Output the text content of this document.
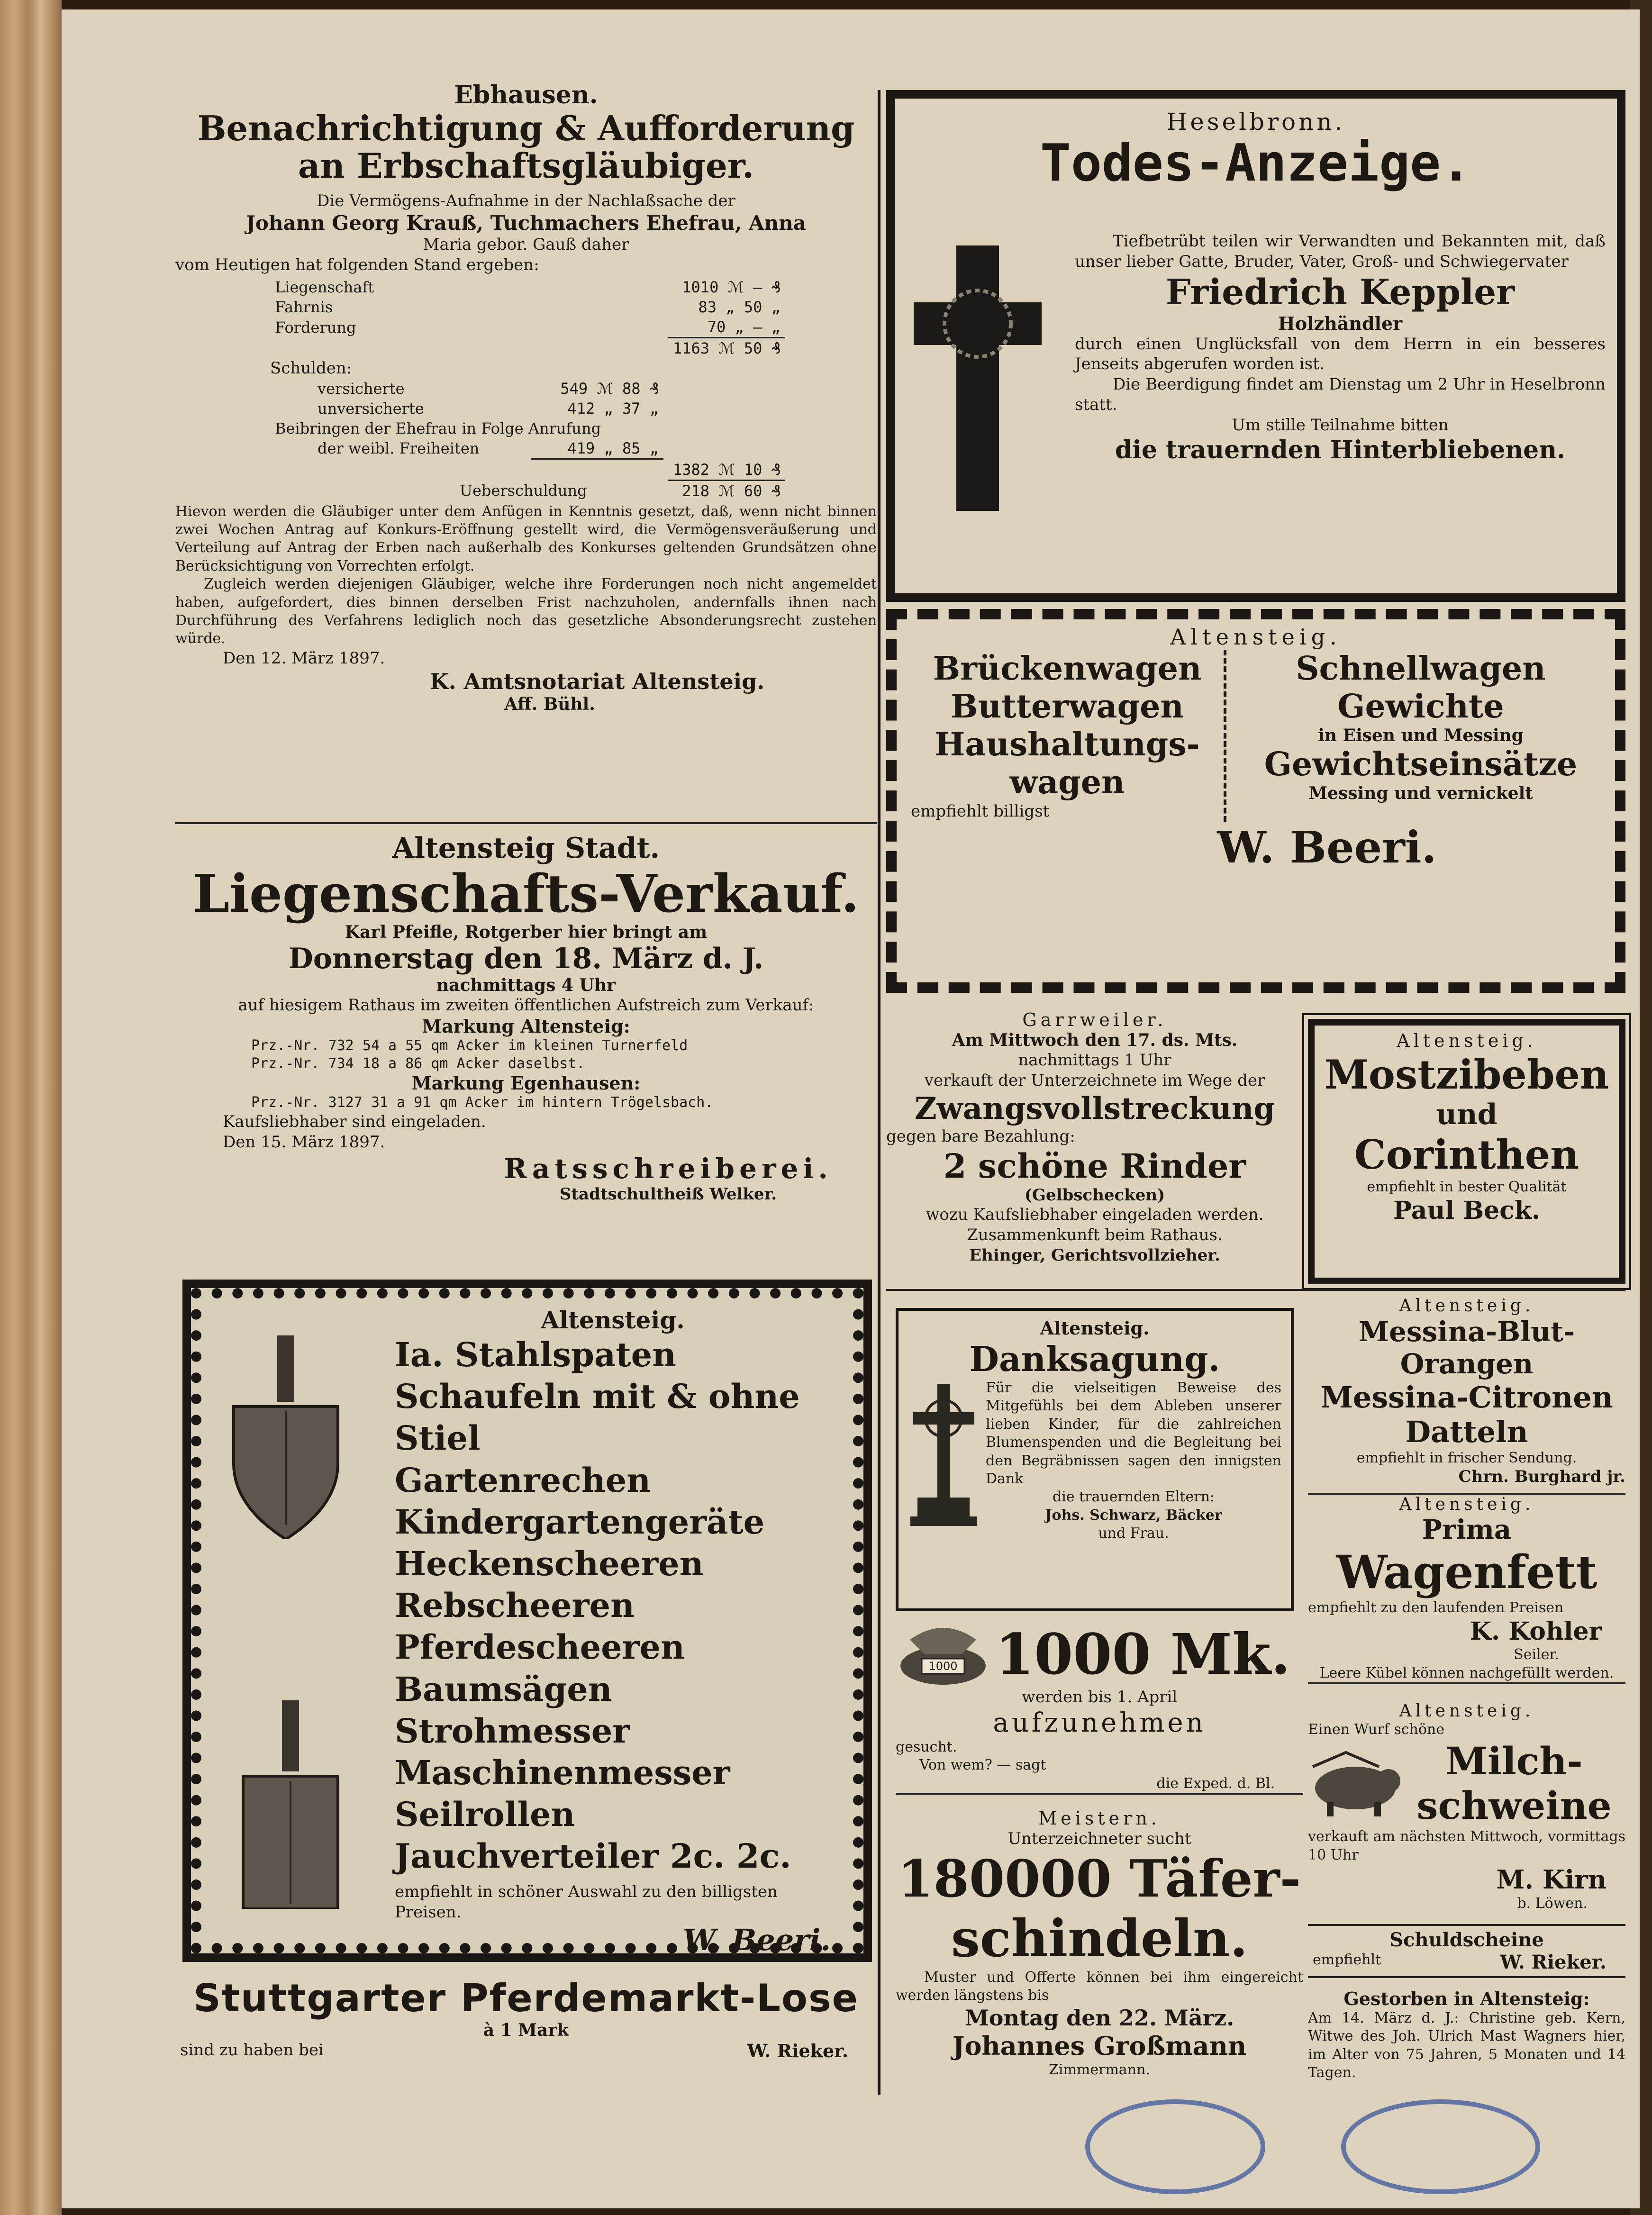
Ebhausen.
Benachrichtigung & Aufforderung
an Erbschaftsgläubiger.
Die Vermögens-Aufnahme in der Nachlaßsache der
Johann Georg Krauß, Tuchmachers Ehefrau, Anna
Maria gebor. Gauß daher
vom Heutigen hat folgenden Stand ergeben:
Liegenschaft	1010 ℳ — ₰
Fahrnis	83 „ 50 „
Forderung	70 „ — „
	1163 ℳ 50 ₰
Schulden:
versicherte	549 ℳ 88 ₰
unversicherte	412 „ 37 „
Beibringen der Ehefrau in Folge Anrufung	
der weibl. Freiheiten	419 „ 85 „
	1382 ℳ 10 ₰
Ueberschuldung	218 ℳ 60 ₰

Hievon werden die Gläubiger unter dem Anfügen in Kenntnis gesetzt, daß, wenn nicht binnen zwei Wochen Antrag auf Konkurs-Eröffnung gestellt wird, die Vermögensveräußerung und Verteilung auf Antrag der Erben nach außerhalb des Konkurses geltenden Grundsätzen ohne Berücksichtigung von Vorrechten erfolgt.

Zugleich werden diejenigen Gläubiger, welche ihre Forderungen noch nicht angemeldet haben, aufgefordert, dies binnen derselben Frist nachzuholen, andernfalls ihnen nach Durchführung des Verfahrens lediglich noch das gesetzliche Absonderungsrecht zustehen würde.

Den 12. März 1897.
K. Amtsnotariat Altensteig.
Aff. Bühl.
Altensteig Stadt.
Liegenschafts-Verkauf.
Karl Pfeifle, Rotgerber hier bringt am
Donnerstag den 18. März d. J.
nachmittags 4 Uhr
auf hiesigem Rathaus im zweiten öffentlichen Aufstreich zum Verkauf:
Markung Altensteig:
Prz.-Nr. 732 54 a 55 qm Acker im kleinen Turnerfeld
Prz.-Nr. 734 18 a 86 qm Acker daselbst.
Markung Egenhausen:
Prz.-Nr. 3127 31 a 91 qm Acker im hintern Trögelsbach.
Kaufsliebhaber sind eingeladen.
Den 15. März 1897.
Ratsschreiberei.
Stadtschultheiß Welker.
Altensteig.
Ia. Stahlspaten
Schaufeln mit & ohne Stiel
Gartenrechen
Kindergartengeräte
Heckenscheeren
Rebscheeren
Pferdescheeren
Baumsägen
Strohmesser
Maschinenmesser
Seilrollen
Jauchverteiler 2c. 2c.
empfiehlt in schöner Auswahl zu den billigsten Preisen.
W. Beeri.
Stuttgarter Pferdemarkt-Lose
à 1 Mark
sind zu haben bei	W. Rieker.
Heselbronn.
Todes-Anzeige.

Tiefbetrübt teilen wir Verwandten und Bekannten mit, daß unser lieber Gatte, Bruder, Vater, Groß- und Schwiegervater

Friedrich Keppler
Holzhändler

durch einen Unglücksfall von dem Herrn in ein besseres Jenseits abgerufen worden ist.

Die Beerdigung findet am Dienstag um 2 Uhr in Heselbronn statt.

Um stille Teilnahme bitten
die trauernden Hinterbliebenen.
Altensteig.
Brückenwagen
Butterwagen
Haushaltungs-
wagen
empfiehlt billigst
Schnellwagen
Gewichte
in Eisen und Messing
Gewichtseinsätze
Messing und vernickelt
W. Beeri.
Garrweiler.
Am Mittwoch den 17. ds. Mts.
nachmittags 1 Uhr
verkauft der Unterzeichnete im Wege der
Zwangsvollstreckung
gegen bare Bezahlung:
2 schöne Rinder
(Gelbschecken)
wozu Kaufsliebhaber eingeladen werden.
Zusammenkunft beim Rathaus.
Ehinger, Gerichtsvollzieher.
Altensteig.
Mostzibeben
und
Corinthen
empfiehlt in bester Qualität
Paul Beck.
Altensteig.
Danksagung.

Für die vielseitigen Beweise des Mitgefühls bei dem Ableben unserer lieben Kinder, für die zahlreichen Blumenspenden und die Begleitung bei den Begräbnissen sagen den innigsten Dank

die trauernden Eltern:
Johs. Schwarz, Bäcker
und Frau.
Altensteig.
Messina-Blut-Orangen
Messina-Citronen
Datteln
empfiehlt in frischer Sendung.
Chrn. Burghard jr.
Altensteig.
Prima
Wagenfett
empfiehlt zu den laufenden Preisen
K. Kohler
Seiler.
Leere Kübel können nachgefüllt werden.
1000 1000 Mk.
werden bis 1. April
aufzunehmen
gesucht.
Von wem? — sagt
die Exped. d. Bl.
Altensteig.
Einen Wurf schöne
Milch-
schweine

verkauft am nächsten Mittwoch, vormittags 10 Uhr

M. Kirn
b. Löwen.
Meistern.
Unterzeichneter sucht
180000 Täfer-
schindeln.

Muster und Offerte können bei ihm eingereicht werden längstens bis

Montag den 22. März.
Johannes Großmann
Zimmermann.
Schuldscheine
empfiehlt	W. Rieker.
Gestorben in Altensteig:

Am 14. März d. J.: Christine geb. Kern, Witwe des Joh. Ulrich Mast Wagners hier, im Alter von 75 Jahren, 5 Monaten und 14 Tagen.
